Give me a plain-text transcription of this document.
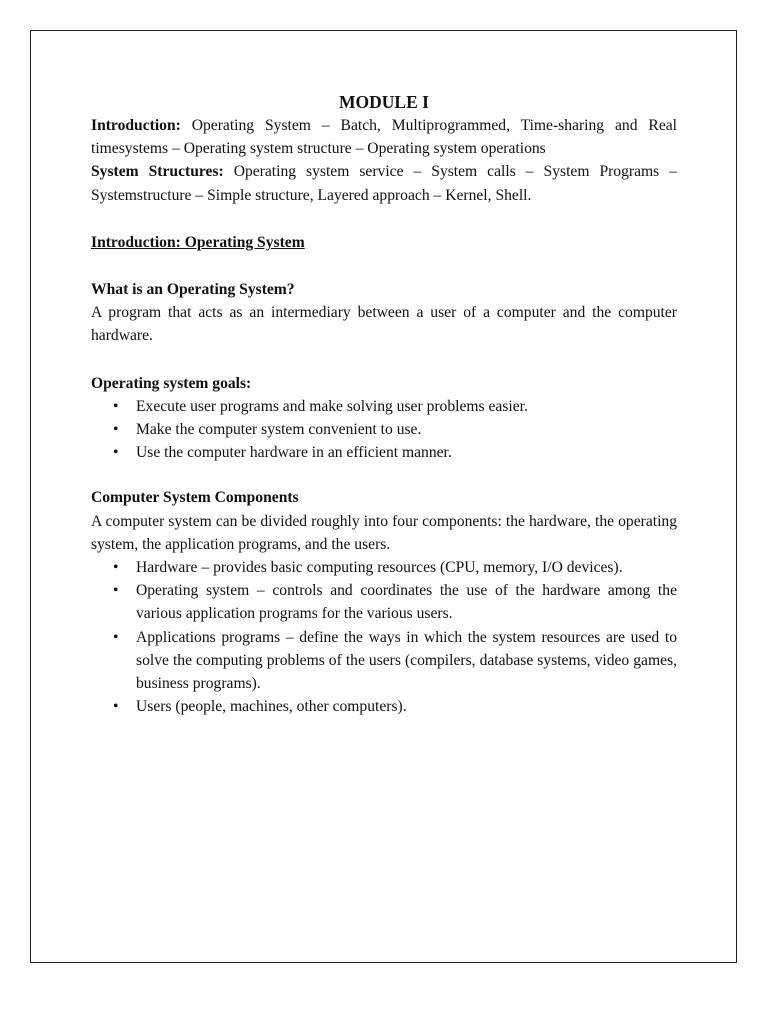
MODULE I

Introduction: Operating System – Batch, Multiprogrammed, Time-sharing and Real timesystems – Operating system structure – Operating system operations

System Structures: Operating system service – System calls – System Programs – Systemstructure – Simple structure, Layered approach – Kernel, Shell.

Introduction: Operating System

What is an Operating System?

A program that acts as an intermediary between a user of a computer and the computer hardware.

Operating system goals:

• Execute user programs and make solving user problems easier.
• Make the computer system convenient to use.
• Use the computer hardware in an efficient manner.

Computer System Components

A computer system can be divided roughly into four components: the hardware, the operating system, the application programs, and the users.

• Hardware – provides basic computing resources (CPU, memory, I/O devices).
• Operating system – controls and coordinates the use of the hardware among the various application programs for the various users.
• Applications programs – define the ways in which the system resources are used to solve the computing problems of the users (compilers, database systems, video games, business programs).
• Users (people, machines, other computers).
